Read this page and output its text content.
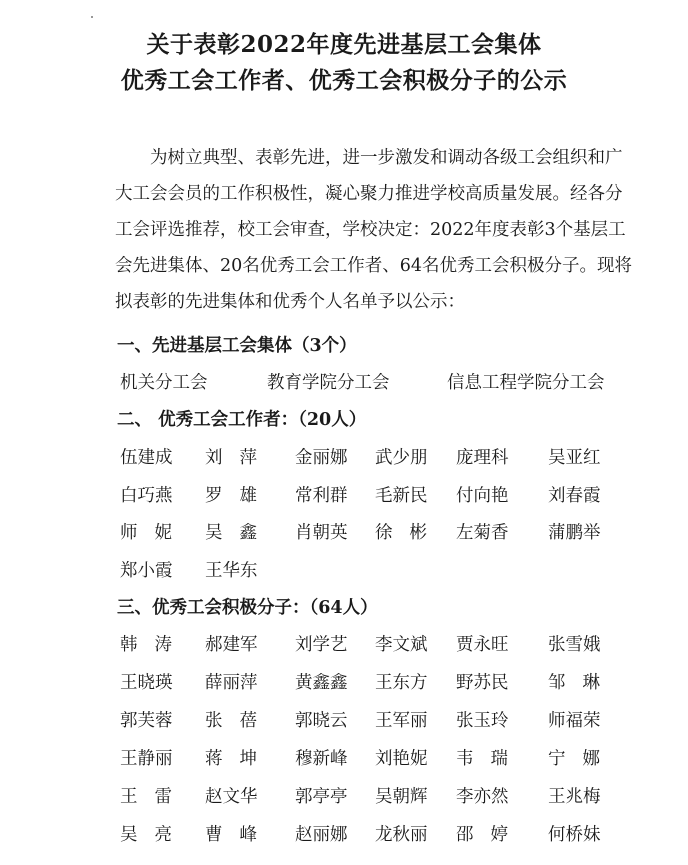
关于表彰2022年度先进基层工会集体
优秀工会工作者、优秀工会积极分子的公示
为树立典型、表彰先进，进一步激发和调动各级工会组织和广
大工会会员的工作积极性，凝心聚力推进学校高质量发展。经各分
工会评选推荐，校工会审查，学校决定：2022年度表彰3个基层工
会先进集体、20名优秀工会工作者、64名优秀工会积极分子。现将
拟表彰的先进集体和优秀个人名单予以公示：
一、先进基层工会集体（3个）
机关分工会	教育学院分工会	信息工程学院分工会
二、 优秀工会工作者：（20人）
伍建成 刘萍 金丽娜 武少朋 庞理科 吴亚红
白巧燕 罗雄 常利群 毛新民 付向艳 刘春霞
师妮 吴鑫 肖朝英 徐彬 左菊香 蒲鹏举
郑小霞 王华东
三、优秀工会积极分子：（64人）
韩涛 郝建军 刘学艺 李文斌 贾永旺 张雪娥
王晓瑛 薛丽萍 黄鑫鑫 王东方 野苏民 邹琳
郭芙蓉 张蓓 郭晓云 王军丽 张玉玲 师福荣
王静丽 蒋坤 穆新峰 刘艳妮 韦瑞 宁娜
王雷 赵文华 郭亭亭 吴朝辉 李亦然 王兆梅
吴亮 曹峰 赵丽娜 龙秋丽 邵婷 何桥妹
